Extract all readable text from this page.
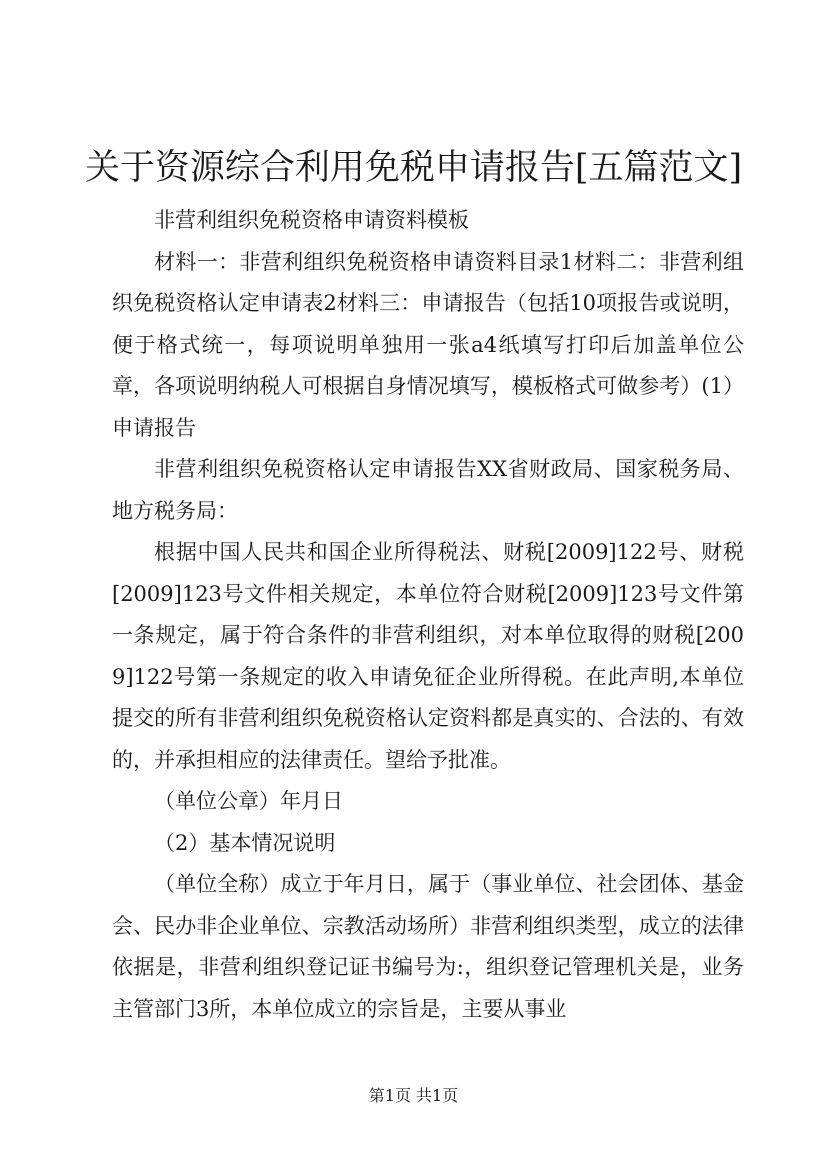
关于资源综合利用免税申请报告[五篇范文]

非营利组织免税资格申请资料模板

材料一：非营利组织免税资格申请资料目录1材料二：非营利组织免税资格认定申请表2材料三：申请报告（包括10项报告或说明，便于格式统一，每项说明单独用一张a4纸填写打印后加盖单位公章，各项说明纳税人可根据自身情况填写，模板格式可做参考）(1）申请报告

非营利组织免税资格认定申请报告XX省财政局、国家税务局、地方税务局：

根据中国人民共和国企业所得税法、财税[2009]122号、财税[2009]123号文件相关规定，本单位符合财税[2009]123号文件第一条规定，属于符合条件的非营利组织，对本单位取得的财税[2009]122号第一条规定的收入申请免征企业所得税。在此声明,本单位提交的所有非营利组织免税资格认定资料都是真实的、合法的、有效的，并承担相应的法律责任。望给予批准。

（单位公章）年月日

（2）基本情况说明

（单位全称）成立于年月日，属于（事业单位、社会团体、基金会、民办非企业单位、宗教活动场所）非营利组织类型，成立的法律依据是，非营利组织登记证书编号为:，组织登记管理机关是，业务主管部门3所，本单位成立的宗旨是，主要从事业

第1页 共1页
